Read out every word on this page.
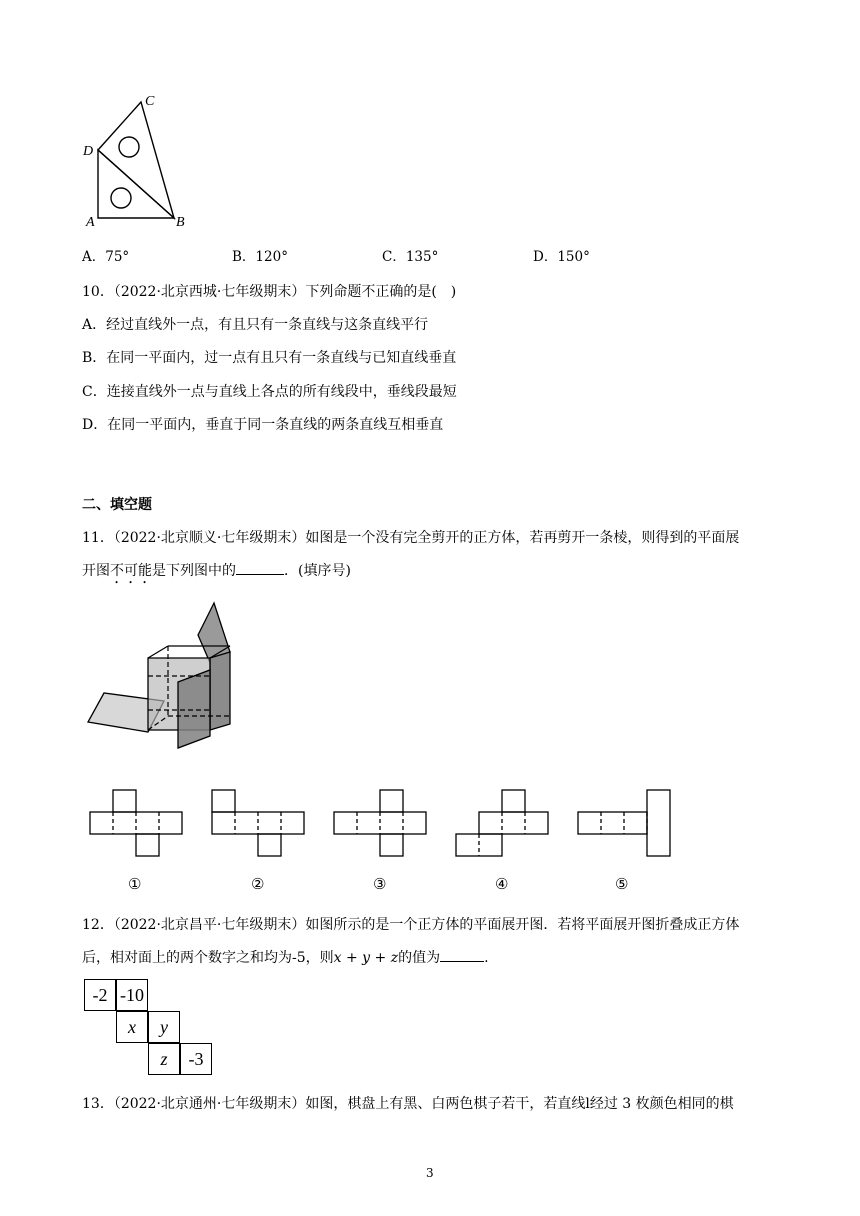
C
D
A	B
A．75°	B．120°	C．135°	D．150°
10．（2022·北京西城·七年级期末）下列命题不正确的是(　)
A．经过直线外一点，有且只有一条直线与这条直线平行
B．在同一平面内，过一点有且只有一条直线与已知直线垂直
C．连接直线外一点与直线上各点的所有线段中，垂线段最短
D．在同一平面内，垂直于同一条直线的两条直线互相垂直
二、填空题
11．（2022·北京顺义·七年级期末）如图是一个没有完全剪开的正方体，若再剪开一条棱，则得到的平面展
开图不可能是下列图中的	．(填序号)
①	②	③	④	⑤
12．（2022·北京昌平·七年级期末）如图所示的是一个正方体的平面展开图．若将平面展开图折叠成正方体
后，相对面上的两个数字之和均为-5，则x + y + z的值为	.
-2 -10
x	y
z	-3
13．（2022·北京通州·七年级期末）如图，棋盘上有黑、白两色棋子若干，若直线l经过 3 枚颜色相同的棋
3
